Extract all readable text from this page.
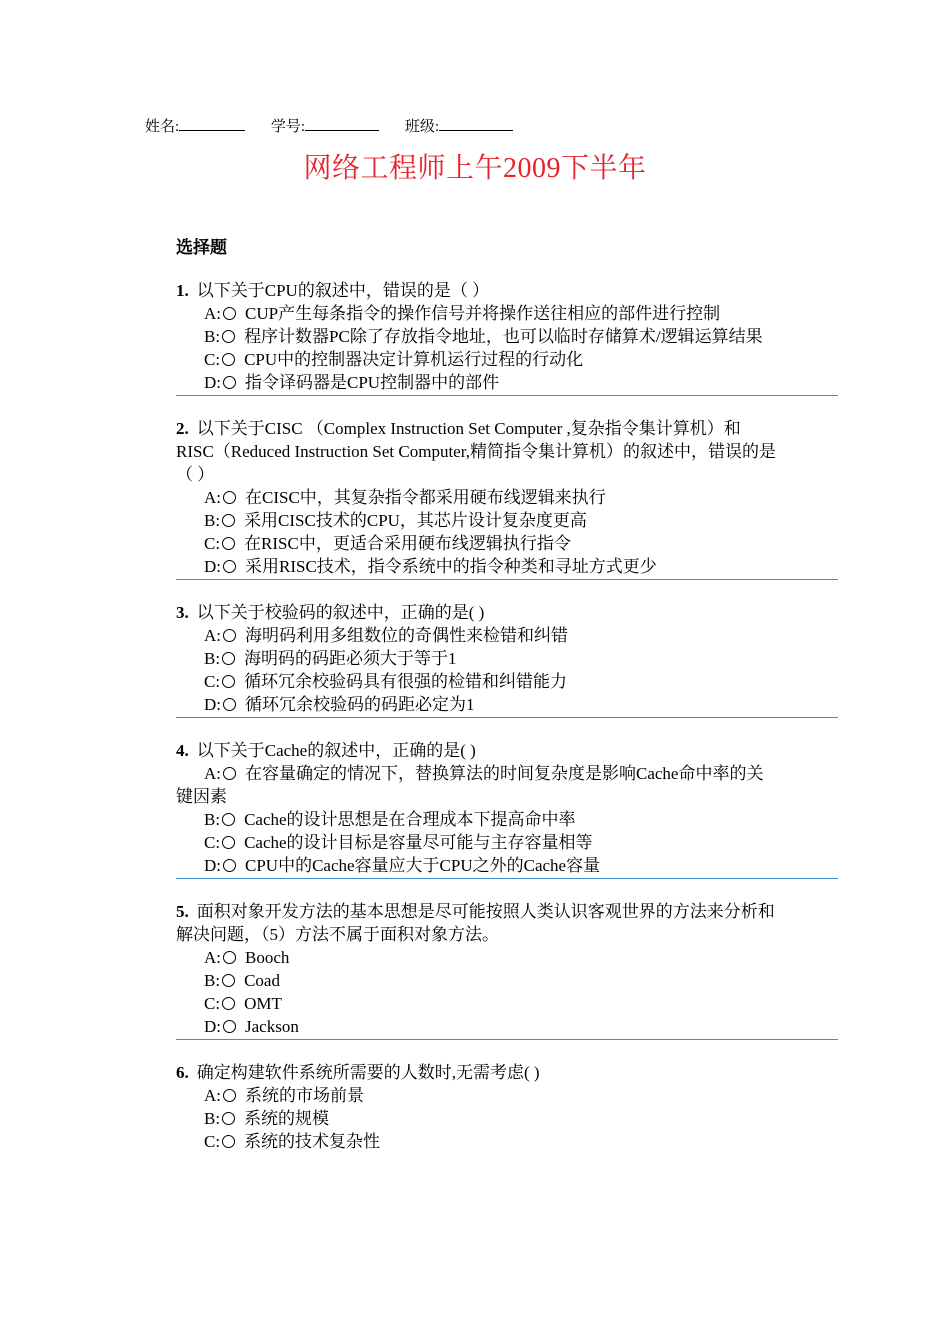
姓名:	学号:	班级:
网络工程师上午2009下半年
选择题
1. 以下关于CPU的叙述中，错误的是（ ）
A: CUP产生每条指令的操作信号并将操作送往相应的部件进行控制
B: 程序计数器PC除了存放指令地址，也可以临时存储算术/逻辑运算结果
C: CPU中的控制器决定计算机运行过程的行动化
D: 指令译码器是CPU控制器中的部件
2. 以下关于CISC （Complex Instruction Set Computer ,复杂指令集计算机）和RISC（Reduced Instruction Set Computer,精简指令集计算机）的叙述中，错误的是（ ）
A: 在CISC中，其复杂指令都采用硬布线逻辑来执行
B: 采用CISC技术的CPU，其芯片设计复杂度更高
C: 在RISC中，更适合采用硬布线逻辑执行指令
D: 采用RISC技术，指令系统中的指令种类和寻址方式更少
3. 以下关于校验码的叙述中，正确的是( )
A: 海明码利用多组数位的奇偶性来检错和纠错
B: 海明码的码距必须大于等于1
C: 循环冗余校验码具有很强的检错和纠错能力
D: 循环冗余校验码的码距必定为1
4. 以下关于Cache的叙述中，正确的是( )
A: 在容量确定的情况下，替换算法的时间复杂度是影响Cache命中率的关键因素
B: Cache的设计思想是在合理成本下提高命中率
C: Cache的设计目标是容量尽可能与主存容量相等
D: CPU中的Cache容量应大于CPU之外的Cache容量
5. 面积对象开发方法的基本思想是尽可能按照人类认识客观世界的方法来分析和解决问题，（5）方法不属于面积对象方法。
A: Booch
B: Coad
C: OMT
D: Jackson
6. 确定构建软件系统所需要的人数时,无需考虑( )
A: 系统的市场前景
B: 系统的规模
C: 系统的技术复杂性
